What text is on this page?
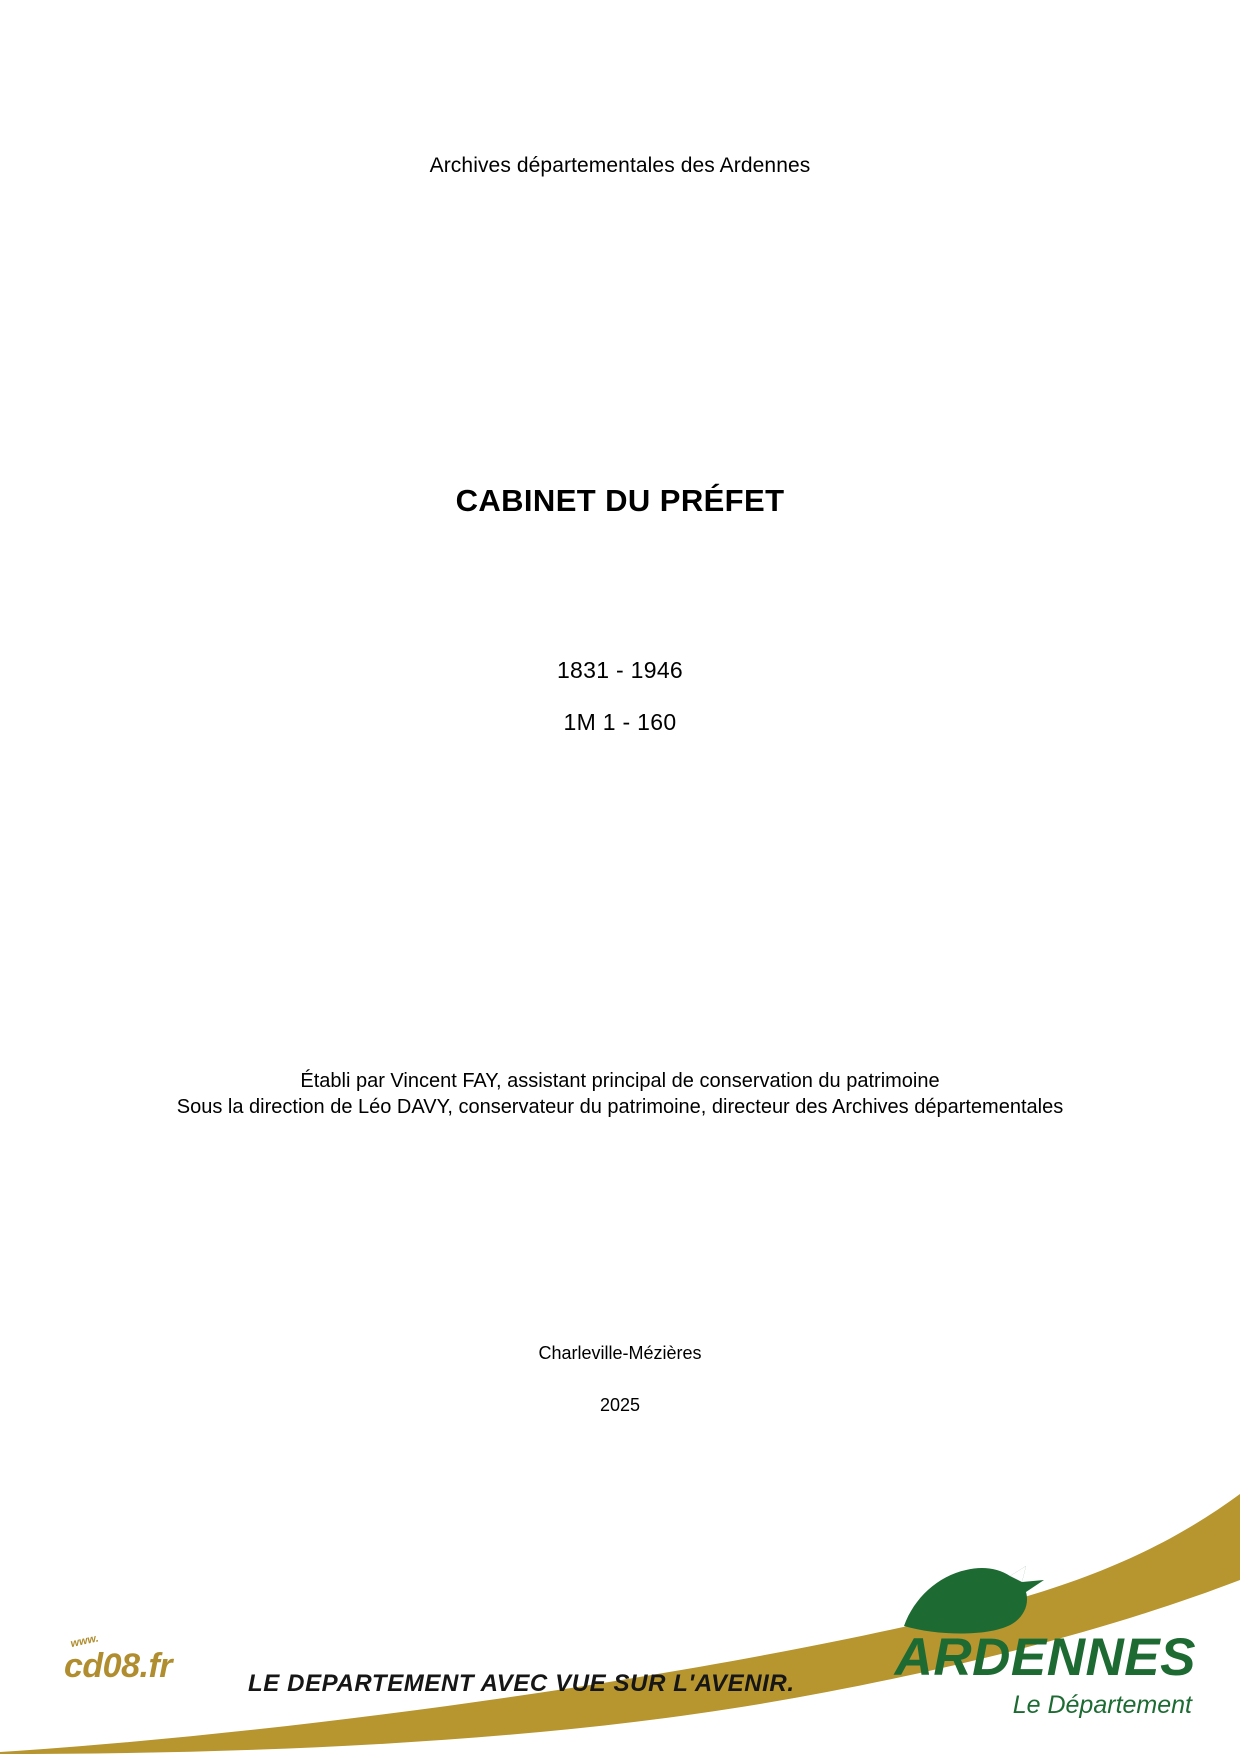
Archives départementales des Ardennes
CABINET DU PRÉFET
1831 - 1946
1M 1 - 160
Établi par Vincent FAY, assistant principal de conservation du patrimoine
Sous la direction de Léo DAVY, conservateur du patrimoine, directeur des Archives départementales
Charleville-Mézières
2025
www.
cd08.fr	LE DEPARTEMENT AVEC VUE SUR L'AVENIR. ARDENNES
Le Département
